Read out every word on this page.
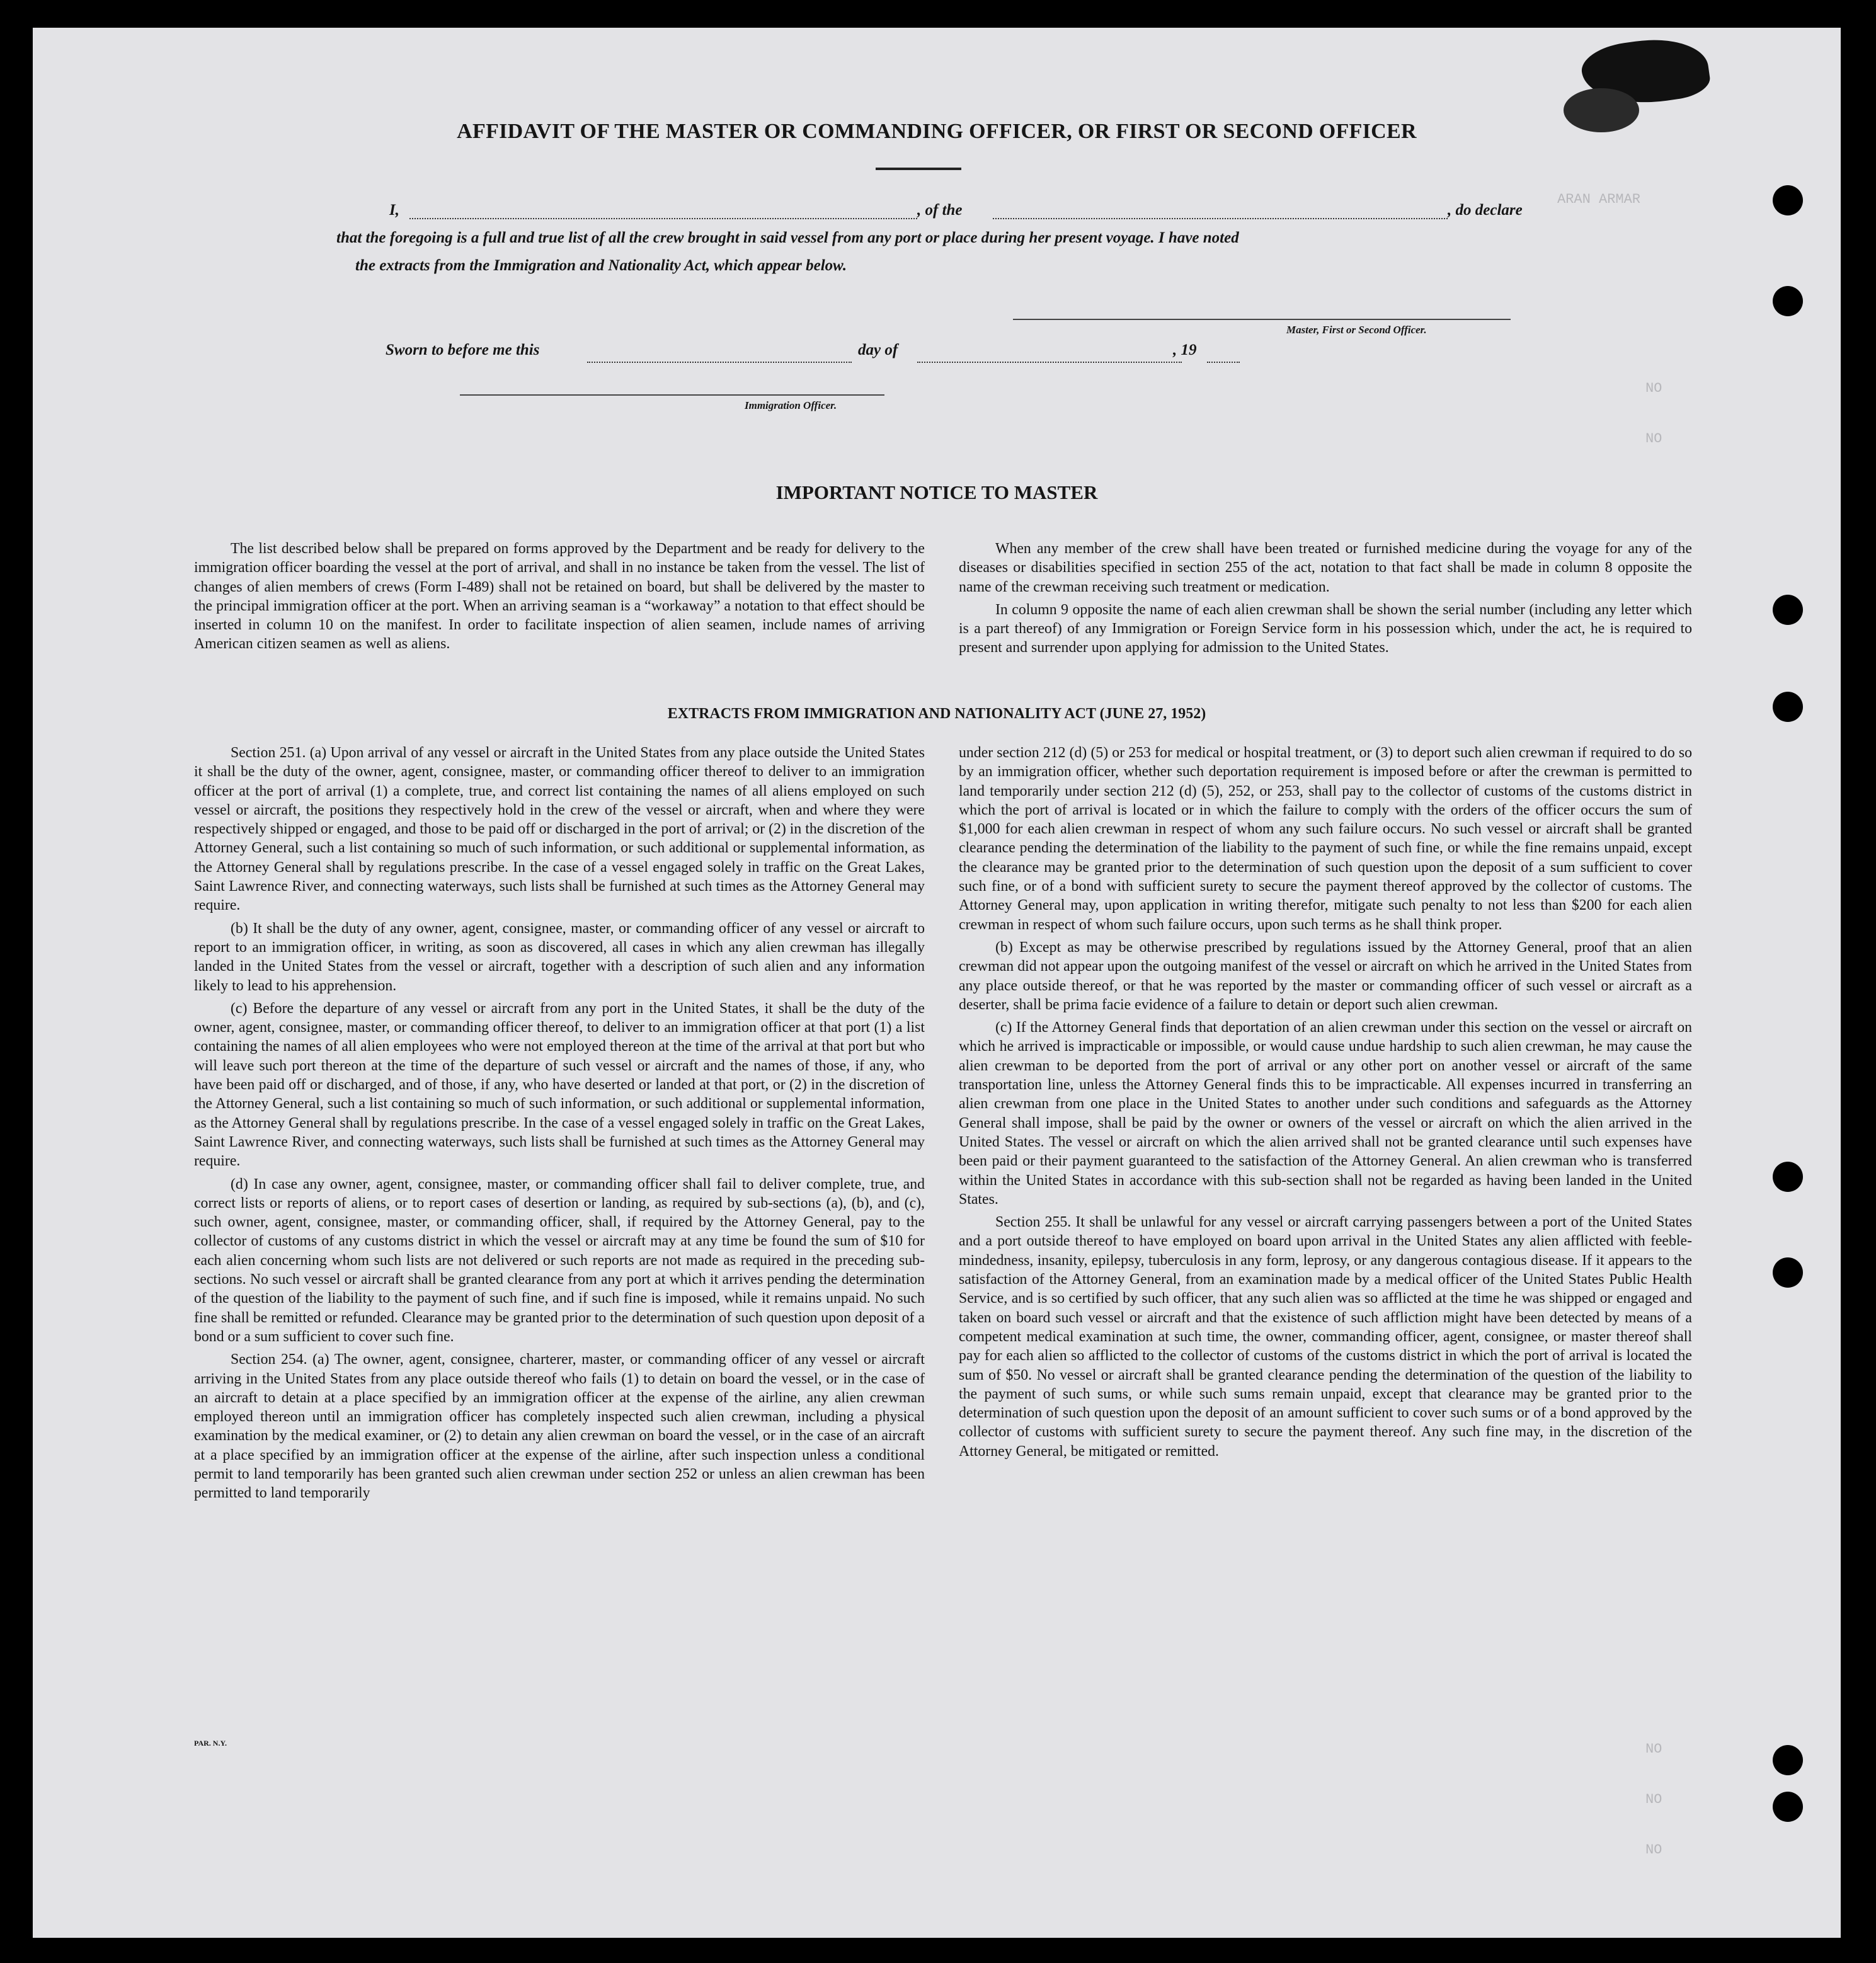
ЯAMЯA ИAЯA
OИ
OИ
OИ
OИ
OИ
AFFIDAVIT OF THE MASTER OR COMMANDING OFFICER, OR FIRST OR SECOND OFFICER
I,	, of the	, do declare
that the foregoing is a full and true list of all the crew brought in said vessel from any port or place during her present voyage. I have noted
the extracts from the Immigration and Nationality Act, which appear below.
Master, First or Second Officer.
Sworn to before me this	day of	, 19
Immigration Officer.
IMPORTANT NOTICE TO MASTER

The list described below shall be prepared on forms approved by the Department and be ready for delivery to the immigration officer boarding the vessel at the port of arrival, and shall in no instance be taken from the vessel. The list of changes of alien members of crews (Form I-489) shall not be retained on board, but shall be delivered by the master to the principal immigration officer at the port. When an arriving seaman is a “workaway” a notation to that effect should be inserted in column 10 on the manifest. In order to facilitate inspection of alien seamen, include names of arriving American citizen seamen as well as aliens.

When any member of the crew shall have been treated or furnished medicine during the voyage for any of the diseases or disabilities specified in section 255 of the act, notation to that fact shall be made in column 8 opposite the name of the crewman receiving such treatment or medication.

In column 9 opposite the name of each alien crewman shall be shown the serial number (including any letter which is a part thereof) of any Immigration or Foreign Service form in his possession which, under the act, he is required to present and surrender upon applying for admission to the United States.

EXTRACTS FROM IMMIGRATION AND NATIONALITY ACT (JUNE 27, 1952)

Section 251. (a) Upon arrival of any vessel or aircraft in the United States from any place outside the United States it shall be the duty of the owner, agent, consignee, master, or commanding officer thereof to deliver to an immigration officer at the port of arrival (1) a complete, true, and correct list containing the names of all aliens employed on such vessel or aircraft, the positions they respectively hold in the crew of the vessel or aircraft, when and where they were respectively shipped or engaged, and those to be paid off or discharged in the port of arrival; or (2) in the discretion of the Attorney General, such a list containing so much of such information, or such additional or supplemental information, as the Attorney General shall by regulations prescribe. In the case of a vessel engaged solely in traffic on the Great Lakes, Saint Lawrence River, and connecting waterways, such lists shall be furnished at such times as the Attorney General may require.

(b) It shall be the duty of any owner, agent, consignee, master, or commanding officer of any vessel or aircraft to report to an immigration officer, in writing, as soon as discovered, all cases in which any alien crewman has illegally landed in the United States from the vessel or aircraft, together with a description of such alien and any information likely to lead to his apprehension.

(c) Before the departure of any vessel or aircraft from any port in the United States, it shall be the duty of the owner, agent, consignee, master, or commanding officer thereof, to deliver to an immigration officer at that port (1) a list containing the names of all alien employees who were not employed thereon at the time of the arrival at that port but who will leave such port thereon at the time of the departure of such vessel or aircraft and the names of those, if any, who have been paid off or discharged, and of those, if any, who have deserted or landed at that port, or (2) in the discretion of the Attorney General, such a list containing so much of such information, or such additional or supplemental information, as the Attorney General shall by regulations prescribe. In the case of a vessel engaged solely in traffic on the Great Lakes, Saint Lawrence River, and connecting waterways, such lists shall be furnished at such times as the Attorney General may require.

(d) In case any owner, agent, consignee, master, or commanding officer shall fail to deliver complete, true, and correct lists or reports of aliens, or to report cases of desertion or landing, as required by sub-sections (a), (b), and (c), such owner, agent, consignee, master, or commanding officer, shall, if required by the Attorney General, pay to the collector of customs of any customs district in which the vessel or aircraft may at any time be found the sum of $10 for each alien concerning whom such lists are not delivered or such reports are not made as required in the preceding sub-sections. No such vessel or aircraft shall be granted clearance from any port at which it arrives pending the determination of the question of the liability to the payment of such fine, and if such fine is imposed, while it remains unpaid. No such fine shall be remitted or refunded. Clearance may be granted prior to the determination of such question upon deposit of a bond or a sum sufficient to cover such fine.

Section 254. (a) The owner, agent, consignee, charterer, master, or commanding officer of any vessel or aircraft arriving in the United States from any place outside thereof who fails (1) to detain on board the vessel, or in the case of an aircraft to detain at a place specified by an immigration officer at the expense of the airline, any alien crewman employed thereon until an immigration officer has completely inspected such alien crewman, including a physical examination by the medical examiner, or (2) to detain any alien crewman on board the vessel, or in the case of an aircraft at a place specified by an immigration officer at the expense of the airline, after such inspection unless a conditional permit to land temporarily has been granted such alien crewman under section 252 or unless an alien crewman has been permitted to land temporarily

under section 212 (d) (5) or 253 for medical or hospital treatment, or (3) to deport such alien crewman if required to do so by an immigration officer, whether such deportation requirement is imposed before or after the crewman is permitted to land temporarily under section 212 (d) (5), 252, or 253, shall pay to the collector of customs of the customs district in which the port of arrival is located or in which the failure to comply with the orders of the officer occurs the sum of $1,000 for each alien crewman in respect of whom any such failure occurs. No such vessel or aircraft shall be granted clearance pending the determination of the liability to the payment of such fine, or while the fine remains unpaid, except the clearance may be granted prior to the determination of such question upon the deposit of a sum sufficient to cover such fine, or of a bond with sufficient surety to secure the payment thereof approved by the collector of customs. The Attorney General may, upon application in writing therefor, mitigate such penalty to not less than $200 for each alien crewman in respect of whom such failure occurs, upon such terms as he shall think proper.

(b) Except as may be otherwise prescribed by regulations issued by the Attorney General, proof that an alien crewman did not appear upon the outgoing manifest of the vessel or aircraft on which he arrived in the United States from any place outside thereof, or that he was reported by the master or commanding officer of such vessel or aircraft as a deserter, shall be prima facie evidence of a failure to detain or deport such alien crewman.

(c) If the Attorney General finds that deportation of an alien crewman under this section on the vessel or aircraft on which he arrived is impracticable or impossible, or would cause undue hardship to such alien crewman, he may cause the alien crewman to be deported from the port of arrival or any other port on another vessel or aircraft of the same transportation line, unless the Attorney General finds this to be impracticable. All expenses incurred in transferring an alien crewman from one place in the United States to another under such conditions and safeguards as the Attorney General shall impose, shall be paid by the owner or owners of the vessel or aircraft on which the alien arrived in the United States. The vessel or aircraft on which the alien arrived shall not be granted clearance until such expenses have been paid or their payment guaranteed to the satisfaction of the Attorney General. An alien crewman who is transferred within the United States in accordance with this sub-section shall not be regarded as having been landed in the United States.

Section 255. It shall be unlawful for any vessel or aircraft carrying passengers between a port of the United States and a port outside thereof to have employed on board upon arrival in the United States any alien afflicted with feeble-mindedness, insanity, epilepsy, tuberculosis in any form, leprosy, or any dangerous contagious disease. If it appears to the satisfaction of the Attorney General, from an examination made by a medical officer of the United States Public Health Service, and is so certified by such officer, that any such alien was so afflicted at the time he was shipped or engaged and taken on board such vessel or aircraft and that the existence of such affliction might have been detected by means of a competent medical examination at such time, the owner, commanding officer, agent, consignee, or master thereof shall pay for each alien so afflicted to the collector of customs of the customs district in which the port of arrival is located the sum of $50. No vessel or aircraft shall be granted clearance pending the determination of the question of the liability to the payment of such sums, or while such sums remain unpaid, except that clearance may be granted prior to the determination of such question upon the deposit of an amount sufficient to cover such sums or of a bond approved by the collector of customs with sufficient surety to secure the payment thereof. Any such fine may, in the discretion of the Attorney General, be mitigated or remitted.

PAR. N.Y.
